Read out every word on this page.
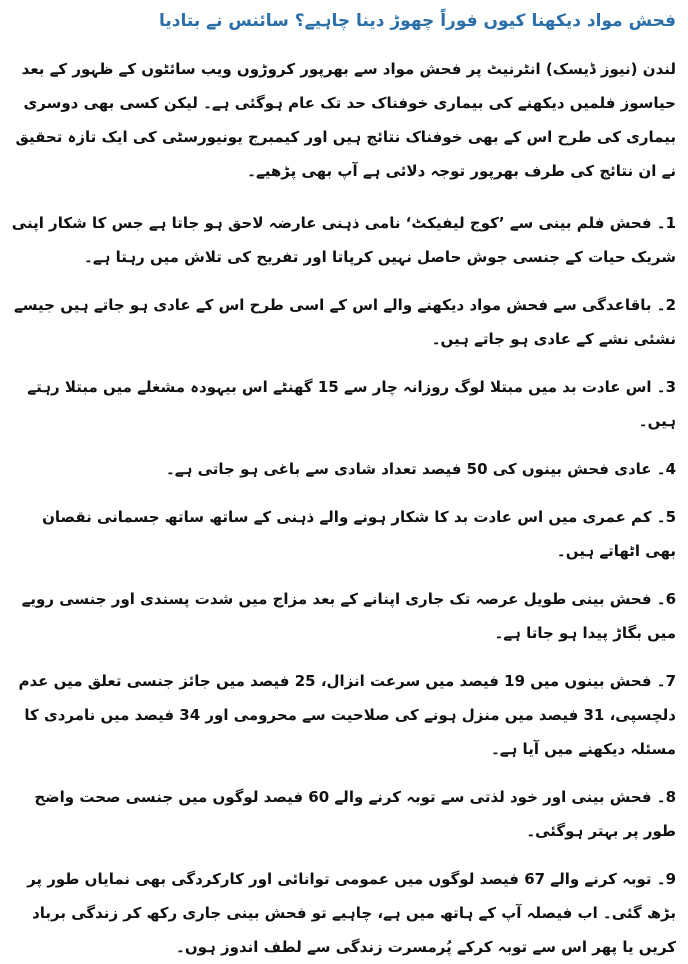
فحش مواد دیکھنا کیوں فوراً چھوڑ دینا چاہیے؟ سائنس نے بتادیا

لندن (نیوز ڈیسک) انٹرنیٹ پر فحش مواد سے بھرپور کروڑوں ویب سائٹوں کے ظہور کے بعد حیاسوز فلمیں دیکھنے کی بیماری خوفناک حد تک عام ہوگئی ہے۔ لیکن کسی بھی دوسری بیماری کی طرح اس کے بھی خوفناک نتائج ہیں اور کیمبرج یونیورسٹی کی ایک تازہ تحقیق نے ان نتائج کی طرف بھرپور توجہ دلائی ہے آپ بھی پڑھیے۔

1۔ فحش فلم بینی سے ’کوج لیفیکٹ‘ نامی ذہنی عارضہ لاحق ہو جاتا ہے جس کا شکار اپنی شریک حیات کے جنسی جوش حاصل نہیں کرپاتا اور تفریح کی تلاش میں رہتا ہے۔

2۔ باقاعدگی سے فحش مواد دیکھنے والے اس کے اسی طرح اس کے عادی ہو جاتے ہیں جیسے نشئی نشے کے عادی ہو جاتے ہیں۔

3۔ اس عادت بد میں مبتلا لوگ روزانہ چار سے 15 گھنٹے اس بیہودہ مشغلے میں مبتلا رہتے ہیں۔

4۔ عادی فحش بینوں کی 50 فیصد تعداد شادی سے باغی ہو جاتی ہے۔

5۔ کم عمری میں اس عادت بد کا شکار ہونے والے ذہنی کے ساتھ ساتھ جسمانی نقصان بھی اٹھاتے ہیں۔

6۔ فحش بینی طویل عرصہ تک جاری اپنانے کے بعد مزاج میں شدت پسندی اور جنسی رویے میں بگاڑ پیدا ہو جاتا ہے۔

7۔ فحش بینوں میں 19 فیصد میں سرعت انزال، 25 فیصد میں جائز جنسی تعلق میں عدم دلچسپی، 31 فیصد میں منزل ہونے کی صلاحیت سے محرومی اور 34 فیصد میں نامردی کا مسئلہ دیکھنے میں آیا ہے۔

8۔ فحش بینی اور خود لذتی سے توبہ کرنے والے 60 فیصد لوگوں میں جنسی صحت واضح طور پر بہتر ہوگئی۔

9۔ توبہ کرنے والے 67 فیصد لوگوں میں عمومی توانائی اور کارکردگی بھی نمایاں طور پر بڑھ گئی۔ اب فیصلہ آپ کے ہاتھ میں ہے، چاہیے تو فحش بینی جاری رکھ کر زندگی برباد کریں یا پھر اس سے توبہ کرکے پُرمسرت زندگی سے لطف اندوز ہوں۔
